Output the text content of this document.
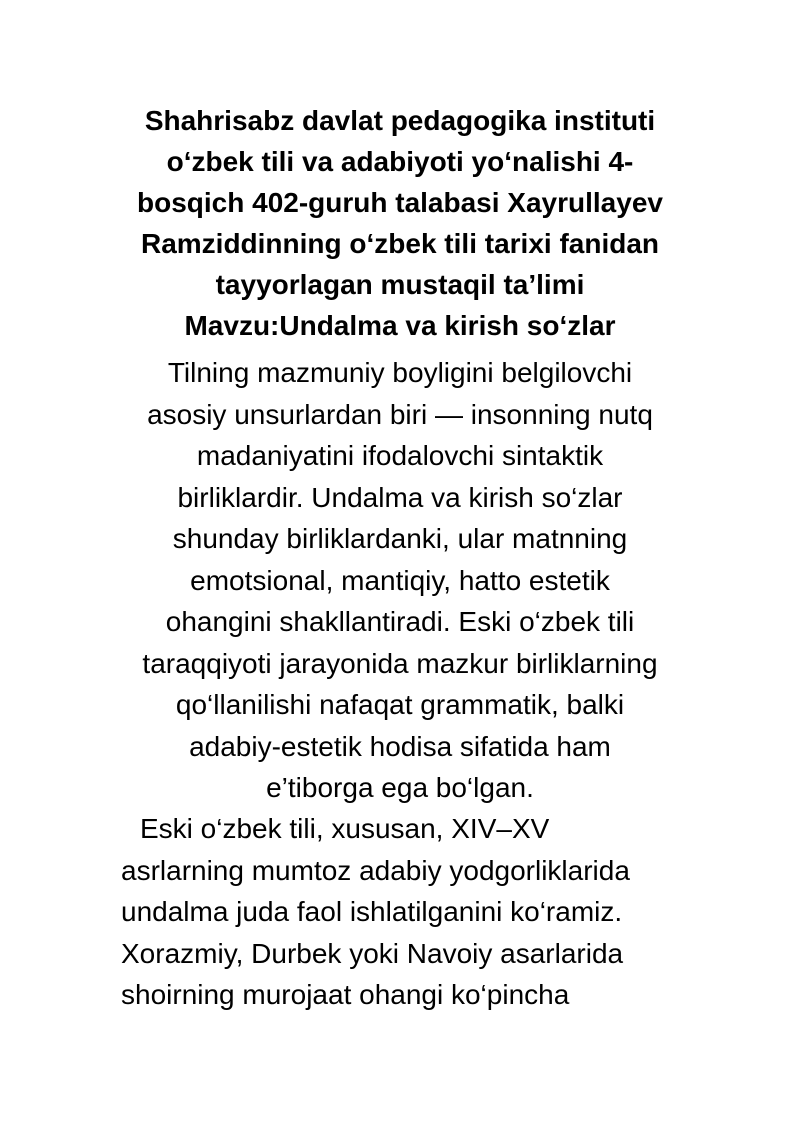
Shahrisabz davlat pedagogika instituti
o‘zbek tili va adabiyoti yo‘nalishi 4-
bosqich 402-guruh talabasi Xayrullayev
Ramziddinning o‘zbek tili tarixi fanidan
tayyorlagan mustaqil ta’limi
Mavzu:Undalma va kirish so‘zlar
Tilning mazmuniy boyligini belgilovchi
asosiy unsurlardan biri — insonning nutq
madaniyatini ifodalovchi sintaktik
birliklardir. Undalma va kirish so‘zlar
shunday birliklardanki, ular matnning
emotsional, mantiqiy, hatto estetik
ohangini shakllantiradi. Eski o‘zbek tili
taraqqiyoti jarayonida mazkur birliklarning
qo‘llanilishi nafaqat grammatik, balki
adabiy-estetik hodisa sifatida ham
e’tiborga ega bo‘lgan.
Eski o‘zbek tili, xususan, XIV–XV
asrlarning mumtoz adabiy yodgorliklarida
undalma juda faol ishlatilganini ko‘ramiz.
Xorazmiy, Durbek yoki Navoiy asarlarida
shoirning murojaat ohangi ko‘pincha
